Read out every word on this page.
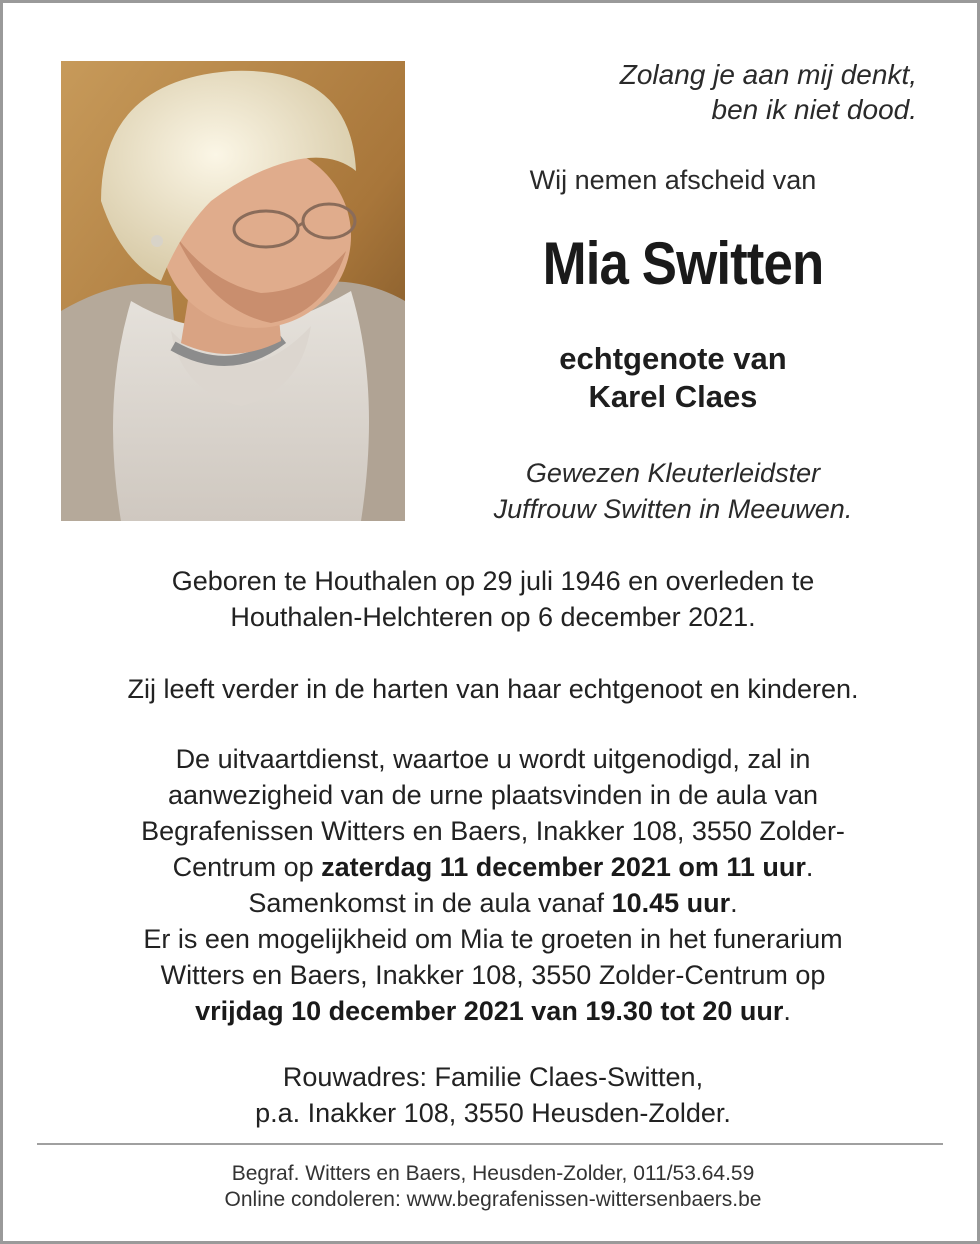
Zolang je aan mij denkt,
ben ik niet dood.
Wij nemen afscheid van
Mia Switten
echtgenote van
Karel Claes
Gewezen Kleuterleidster
Juffrouw Switten in Meeuwen.
Geboren te Houthalen op 29 juli 1946 en overleden te
Houthalen-Helchteren op 6 december 2021.
Zij leeft verder in de harten van haar echtgenoot en kinderen.
De uitvaartdienst, waartoe u wordt uitgenodigd, zal in
aanwezigheid van de urne plaatsvinden in de aula van
Begrafenissen Witters en Baers, Inakker 108, 3550 Zolder-
Centrum op zaterdag 11 december 2021 om 11 uur.
Samenkomst in de aula vanaf 10.45 uur.
Er is een mogelijkheid om Mia te groeten in het funerarium
Witters en Baers, Inakker 108, 3550 Zolder-Centrum op
vrijdag 10 december 2021 van 19.30 tot 20 uur.
Rouwadres: Familie Claes-Switten,
p.a. Inakker 108, 3550 Heusden-Zolder.
Begraf. Witters en Baers, Heusden-Zolder, 011/53.64.59
Online condoleren: www.begrafenissen-wittersenbaers.be
